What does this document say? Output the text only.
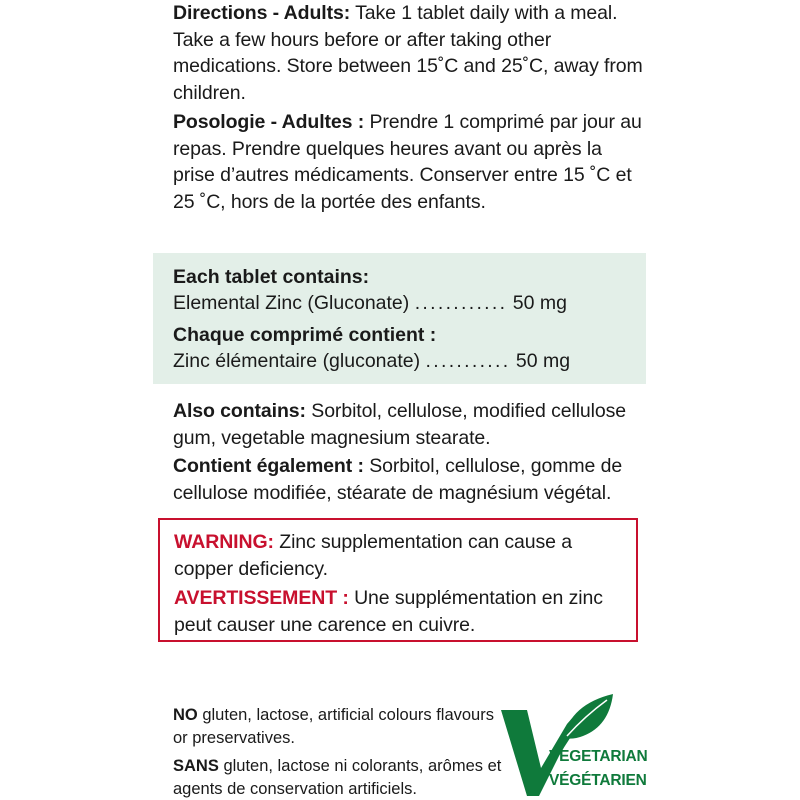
Directions - Adults: Take 1 tablet daily with a meal. Take a few hours before or after taking other medications. Store between 15˚C and 25˚C, away from children.

Posologie - Adultes : Prendre 1 comprimé par jour au repas. Prendre quelques heures avant ou après la prise d’autres médicaments. Conserver entre 15 ˚C et 25 ˚C, hors de la portée des enfants.

Each tablet contains:
Elemental Zinc (Gluconate) ............ 50 mg
Chaque comprimé contient :
Zinc élémentaire (gluconate) ........... 50 mg

Also contains: Sorbitol, cellulose, modified cellulose gum, vegetable magnesium stearate.

Contient également : Sorbitol, cellulose, gomme de cellulose modifiée, stéarate de magnésium végétal.

WARNING: Zinc supplementation can cause a copper deficiency.

AVERTISSEMENT : Une supplémentation en zinc peut causer une carence en cuivre.

NO gluten, lactose, artificial colours flavours or preservatives.

SANS gluten, lactose ni colorants, arômes et agents de conservation artificiels.

VEGETARIAN
VÉGÉTARIEN
